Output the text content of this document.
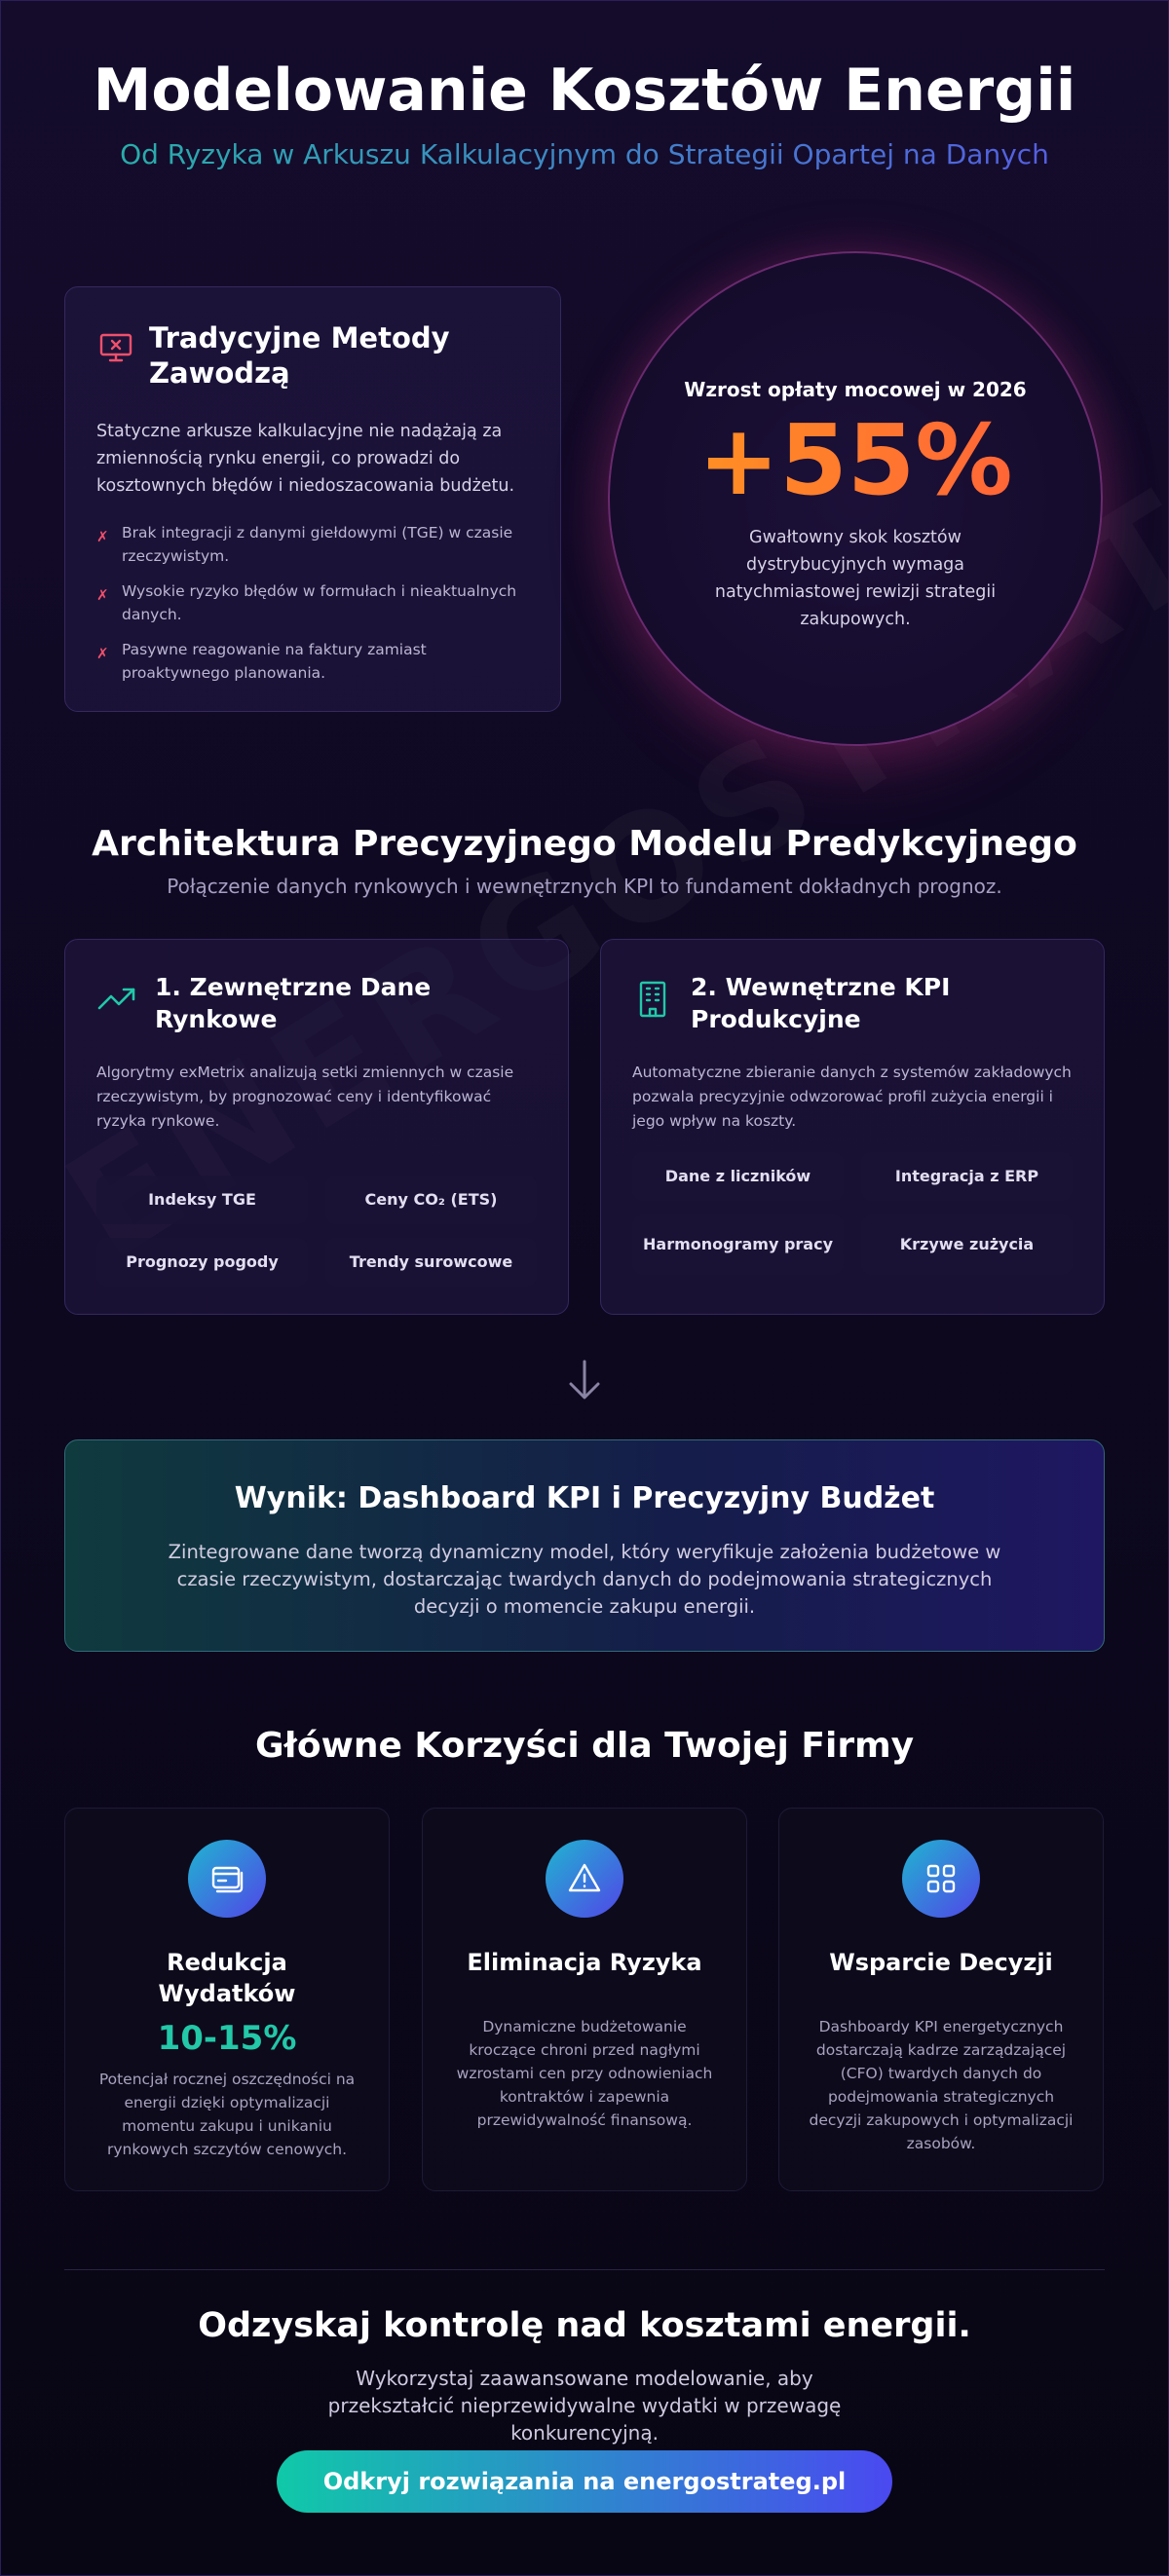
Modelowanie Kosztów Energii
Od Ryzyka w Arkuszu Kalkulacyjnym do Strategii Opartej na Danych
Tradycyjne Metody Zawodzą

Statyczne arkusze kalkulacyjne nie nadążają za zmiennością rynku energii, co prowadzi do kosztownych błędów i niedoszacowania budżetu.

✗ Brak integracji z danymi giełdowymi (TGE) w czasie rzeczywistym.
✗ Wysokie ryzyko błędów w formułach i nieaktualnych danych.
✗ Pasywne reagowanie na faktury zamiast proaktywnego planowania.
Wzrost opłaty mocowej w 2026
+55%
Gwałtowny skok kosztów dystrybucyjnych wymaga natychmiastowej rewizji strategii zakupowych.
Architektura Precyzyjnego Modelu Predykcyjnego
Połączenie danych rynkowych i wewnętrznych KPI to fundament dokładnych prognoz.
1. Zewnętrzne Dane Rynkowe

Algorytmy exMetrix analizują setki zmiennych w czasie rzeczywistym, by prognozować ceny i identyfikować ryzyka rynkowe.

Indeksy TGE	Ceny CO₂ (ETS)
Prognozy pogody	Trendy surowcowe
2. Wewnętrzne KPI Produkcyjne

Automatyczne zbieranie danych z systemów zakładowych pozwala precyzyjnie odwzorować profil zużycia energii i jego wpływ na koszty.

Dane z liczników	Integracja z ERP
Harmonogramy pracy	Krzywe zużycia
Wynik: Dashboard KPI i Precyzyjny Budżet

Zintegrowane dane tworzą dynamiczny model, który weryfikuje założenia budżetowe w czasie rzeczywistym, dostarczając twardych danych do podejmowania strategicznych decyzji o momencie zakupu energii.

Główne Korzyści dla Twojej Firmy
Redukcja Wydatków
10-15%

Potencjał rocznej oszczędności na energii dzięki optymalizacji momentu zakupu i unikaniu rynkowych szczytów cenowych.

Eliminacja Ryzyka

Dynamiczne budżetowanie kroczące chroni przed nagłymi wzrostami cen przy odnowieniach kontraktów i zapewnia przewidywalność finansową.

Wsparcie Decyzji

Dashboardy KPI energetycznych dostarczają kadrze zarządzającej (CFO) twardych danych do podejmowania strategicznych decyzji zakupowych i optymalizacji zasobów.

Odzyskaj kontrolę nad kosztami energii.

Wykorzystaj zaawansowane modelowanie, aby przekształcić nieprzewidywalne wydatki w przewagę konkurencyjną.

Odkryj rozwiązania na energostrateg.pl
